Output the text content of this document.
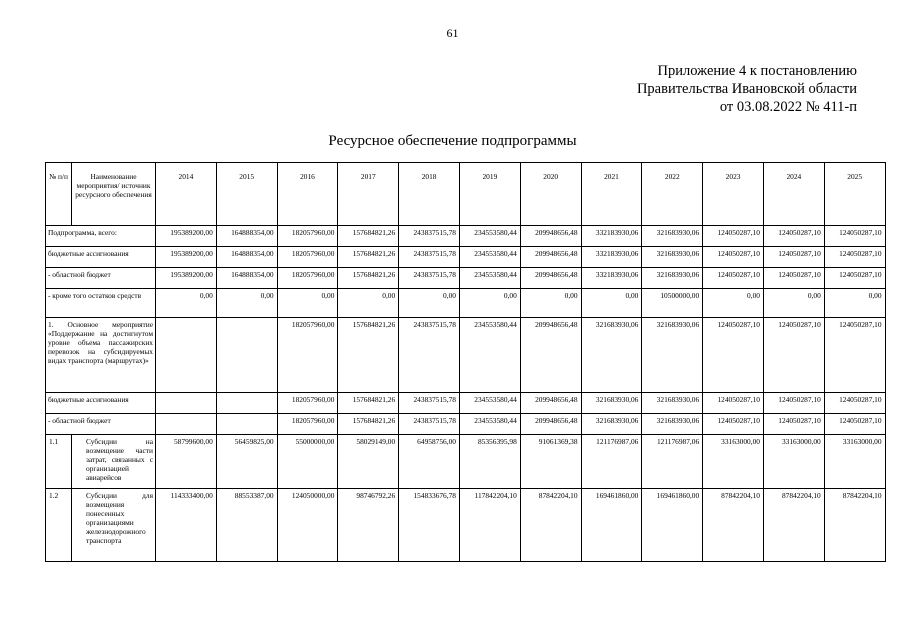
61
Приложение 4 к постановлению
Правительства Ивановской области
от 03.08.2022 № 411-п
Ресурсное обеспечение подпрограммы
№ п/п	Наименование мероприятия/ источник ресурсного обеспечения	2014	2015	2016	2017	2018	2019	2020	2021	2022	2023	2024	2025
Подпрограмма, всего:		195389200,00	164888354,00	182057960,00	157684821,26	243837515,78	234553580,44	209948656,48	332183930,06	321683930,06	124050287,10	124050287,10	124050287,10
бюджетные ассигнования		195389200,00	164888354,00	182057960,00	157684821,26	243837515,78	234553580,44	209948656,48	332183930,06	321683930,06	124050287,10	124050287,10	124050287,10
- областной бюджет		195389200,00	164888354,00	182057960,00	157684821,26	243837515,78	234553580,44	209948656,48	332183930,06	321683930,06	124050287,10	124050287,10	124050287,10
- кроме того остатков средств		0,00	0,00	0,00	0,00	0,00	0,00	0,00	0,00	10500000,00	0,00	0,00	0,00
1. Основное мероприятие «Поддержание на достигнутом уровне объема пассажирских перевозок на субсидируемых видах транспорта (маршрутах)»				182057960,00	157684821,26	243837515,78	234553580,44	209948656,48	321683930,06	321683930,06	124050287,10	124050287,10	124050287,10
бюджетные ассигнования				182057960,00	157684821,26	243837515,78	234553580,44	209948656,48	321683930,06	321683930,06	124050287,10	124050287,10	124050287,10
- областной бюджет				182057960,00	157684821,26	243837515,78	234553580,44	209948656,48	321683930,06	321683930,06	124050287,10	124050287,10	124050287,10
1.1	Субсидии на возмещение части затрат, связанных с организацией авиарейсов	58799600,00	56459825,00	55000000,00	58029149,00	64958756,00	85356395,98	91061369,38	121176987,06	121176987,06	33163000,00	33163000,00	33163000,00
1.2	Субсидии для возмещения понесенных организациями железнодорожного транспорта	114333400,00	88553387,00	124050000,00	98746792,26	154833676,78	117842204,10	87842204,10	169461860,00	169461860,00	87842204,10	87842204,10	87842204,10
